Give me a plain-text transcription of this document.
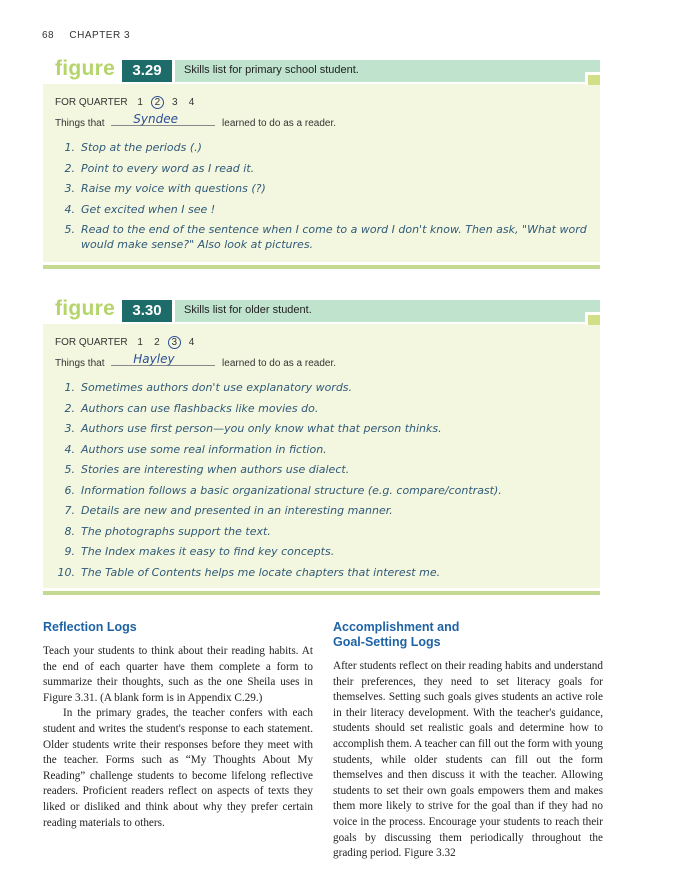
68 CHAPTER 3
figure	3.29	Skills list for primary school student.
FOR QUARTER 1 2 3 4
Things that Syndee	learned to do as a reader.
1. Stop at the periods (.)
2. Point to every word as I read it.
3. Raise my voice with questions (?)
4. Get excited when I see !
5. Read to the end of the sentence when I come to a word I don't know. Then ask, "What word would make sense?" Also look at pictures.
figure	3.30	Skills list for older student.
FOR QUARTER 1 2 3 4
Things that Hayley	learned to do as a reader.
1. Sometimes authors don't use explanatory words.
2. Authors can use flashbacks like movies do.
3. Authors use first person—you only know what that person thinks.
4. Authors use some real information in fiction.
5. Stories are interesting when authors use dialect.
6. Information follows a basic organizational structure (e.g. compare/contrast).
7. Details are new and presented in an interesting manner.
8. The photographs support the text.
9. The Index makes it easy to find key concepts.
10. The Table of Contents helps me locate chapters that interest me.
Reflection Logs

Teach your students to think about their reading habits. At the end of each quarter have them complete a form to summarize their thoughts, such as the one Sheila uses in Figure 3.31. (A blank form is in Appendix C.29.)

In the primary grades, the teacher confers with each student and writes the student's response to each statement. Older students write their responses before they meet with the teacher. Forms such as “My Thoughts About My Reading” challenge students to become lifelong reflective readers. Proficient readers reflect on aspects of texts they liked or disliked and think about why they prefer certain reading materials to others.

Accomplishment and Goal-Setting Logs

After students reflect on their reading habits and understand their preferences, they need to set literacy goals for themselves. Setting such goals gives students an active role in their literacy development. With the teacher's guidance, students should set realistic goals and determine how to accomplish them. A teacher can fill out the form with young students, while older students can fill out the form themselves and then discuss it with the teacher. Allowing students to set their own goals empowers them and makes them more likely to strive for the goal than if they had no voice in the process. Encourage your students to reach their goals by discussing them periodically throughout the grading period. Figure 3.32
